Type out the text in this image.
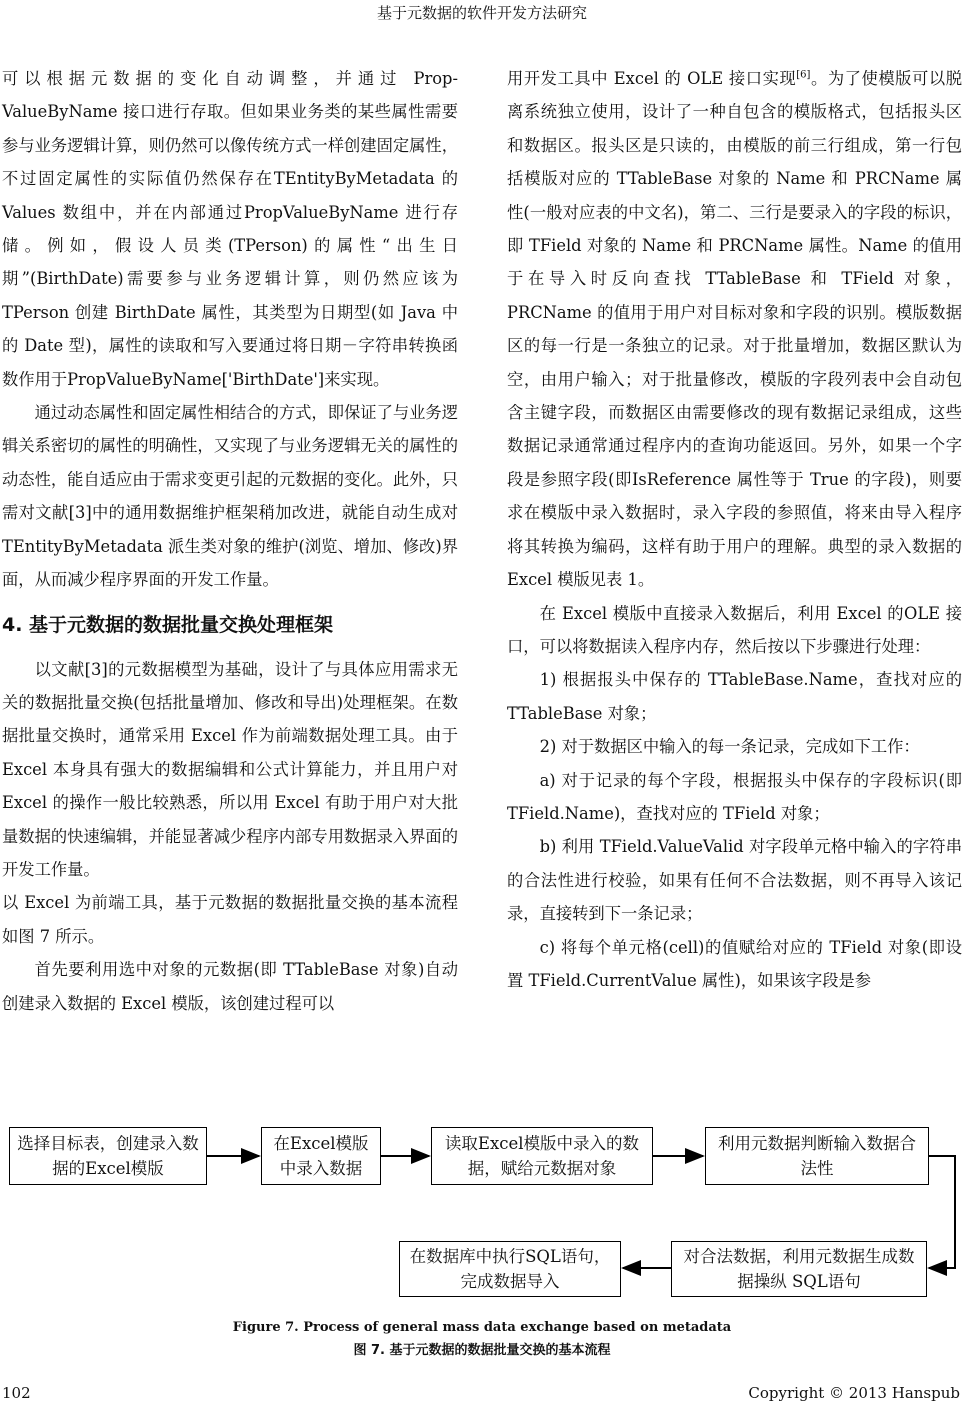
基于元数据的软件开发方法研究

可以根据元数据的变化自动调整，并通过 Prop-ValueByName 接口进行存取。但如果业务类的某些属性需要参与业务逻辑计算，则仍然可以像传统方式一样创建固定属性，不过固定属性的实际值仍然保存在TEntityByMetadata 的 Values 数组中，并在内部通过PropValueByName 进行存储。例如，假设人员类(TPerson)的属性“出生日期”(BirthDate)需要参与业务逻辑计算，则仍然应该为 TPerson 创建 BirthDate 属性，其类型为日期型(如 Java 中的 Date 型)，属性的读取和写入要通过将日期－字符串转换函数作用于PropValueByName['BirthDate']来实现。

通过动态属性和固定属性相结合的方式，即保证了与业务逻辑关系密切的属性的明确性，又实现了与业务逻辑无关的属性的动态性，能自适应由于需求变更引起的元数据的变化。此外，只需对文献[3]中的通用数据维护框架稍加改进，就能自动生成对TEntityByMetadata 派生类对象的维护(浏览、增加、修改)界面，从而减少程序界面的开发工作量。

4. 基于元数据的数据批量交换处理框架

以文献[3]的元数据模型为基础，设计了与具体应用需求无关的数据批量交换(包括批量增加、修改和导出)处理框架。在数据批量交换时，通常采用 Excel 作为前端数据处理工具。由于 Excel 本身具有强大的数据编辑和公式计算能力，并且用户对 Excel 的操作一般比较熟悉，所以用 Excel 有助于用户对大批量数据的快速编辑，并能显著减少程序内部专用数据录入界面的开发工作量。

以 Excel 为前端工具，基于元数据的数据批量交换的基本流程如图 7 所示。

首先要利用选中对象的元数据(即 TTableBase 对象)自动创建录入数据的 Excel 模版，该创建过程可以

用开发工具中 Excel 的 OLE 接口实现[6]。为了使模版可以脱离系统独立使用，设计了一种自包含的模版格式，包括报头区和数据区。报头区是只读的，由模版的前三行组成，第一行包括模版对应的 TTableBase 对象的 Name 和 PRCName 属性(一般对应表的中文名)，第二、三行是要录入的字段的标识，即 TField 对象的 Name 和 PRCName 属性。Name 的值用于在导入时反向查找 TTableBase 和 TField 对象，PRCName 的值用于用户对目标对象和字段的识别。模版数据区的每一行是一条独立的记录。对于批量增加，数据区默认为空，由用户输入；对于批量修改，模版的字段列表中会自动包含主键字段，而数据区由需要修改的现有数据记录组成，这些数据记录通常通过程序内的查询功能返回。另外，如果一个字段是参照字段(即IsReference 属性等于 True 的字段)，则要求在模版中录入数据时，录入字段的参照值，将来由导入程序将其转换为编码，这样有助于用户的理解。典型的录入数据的 Excel 模版见表 1。

在 Excel 模版中直接录入数据后，利用 Excel 的OLE 接口，可以将数据读入程序内存，然后按以下步骤进行处理：

1) 根据报头中保存的 TTableBase.Name，查找对应的 TTableBase 对象；

2) 对于数据区中输入的每一条记录，完成如下工作：

a) 对于记录的每个字段，根据报头中保存的字段标识(即 TField.Name)，查找对应的 TField 对象；

b) 利用 TField.ValueValid 对字段单元格中输入的字符串的合法性进行校验，如果有任何不合法数据，则不再导入该记录，直接转到下一条记录；

c) 将每个单元格(cell)的值赋给对应的 TField 对象(即设置 TField.CurrentValue 属性)，如果该字段是参

选择目标表，创建录入数据的Excel模版
在Excel模版中录入数据
读取Excel模版中录入的数据，赋给元数据对象
利用元数据判断输入数据合法性
对合法数据，利用元数据生成数据操纵 SQL语句
在数据库中执行SQL语句，完成数据导入
Figure 7. Process of general mass data exchange based on metadata
图 7. 基于元数据的数据批量交换的基本流程
102	Copyright © 2013 Hanspub
